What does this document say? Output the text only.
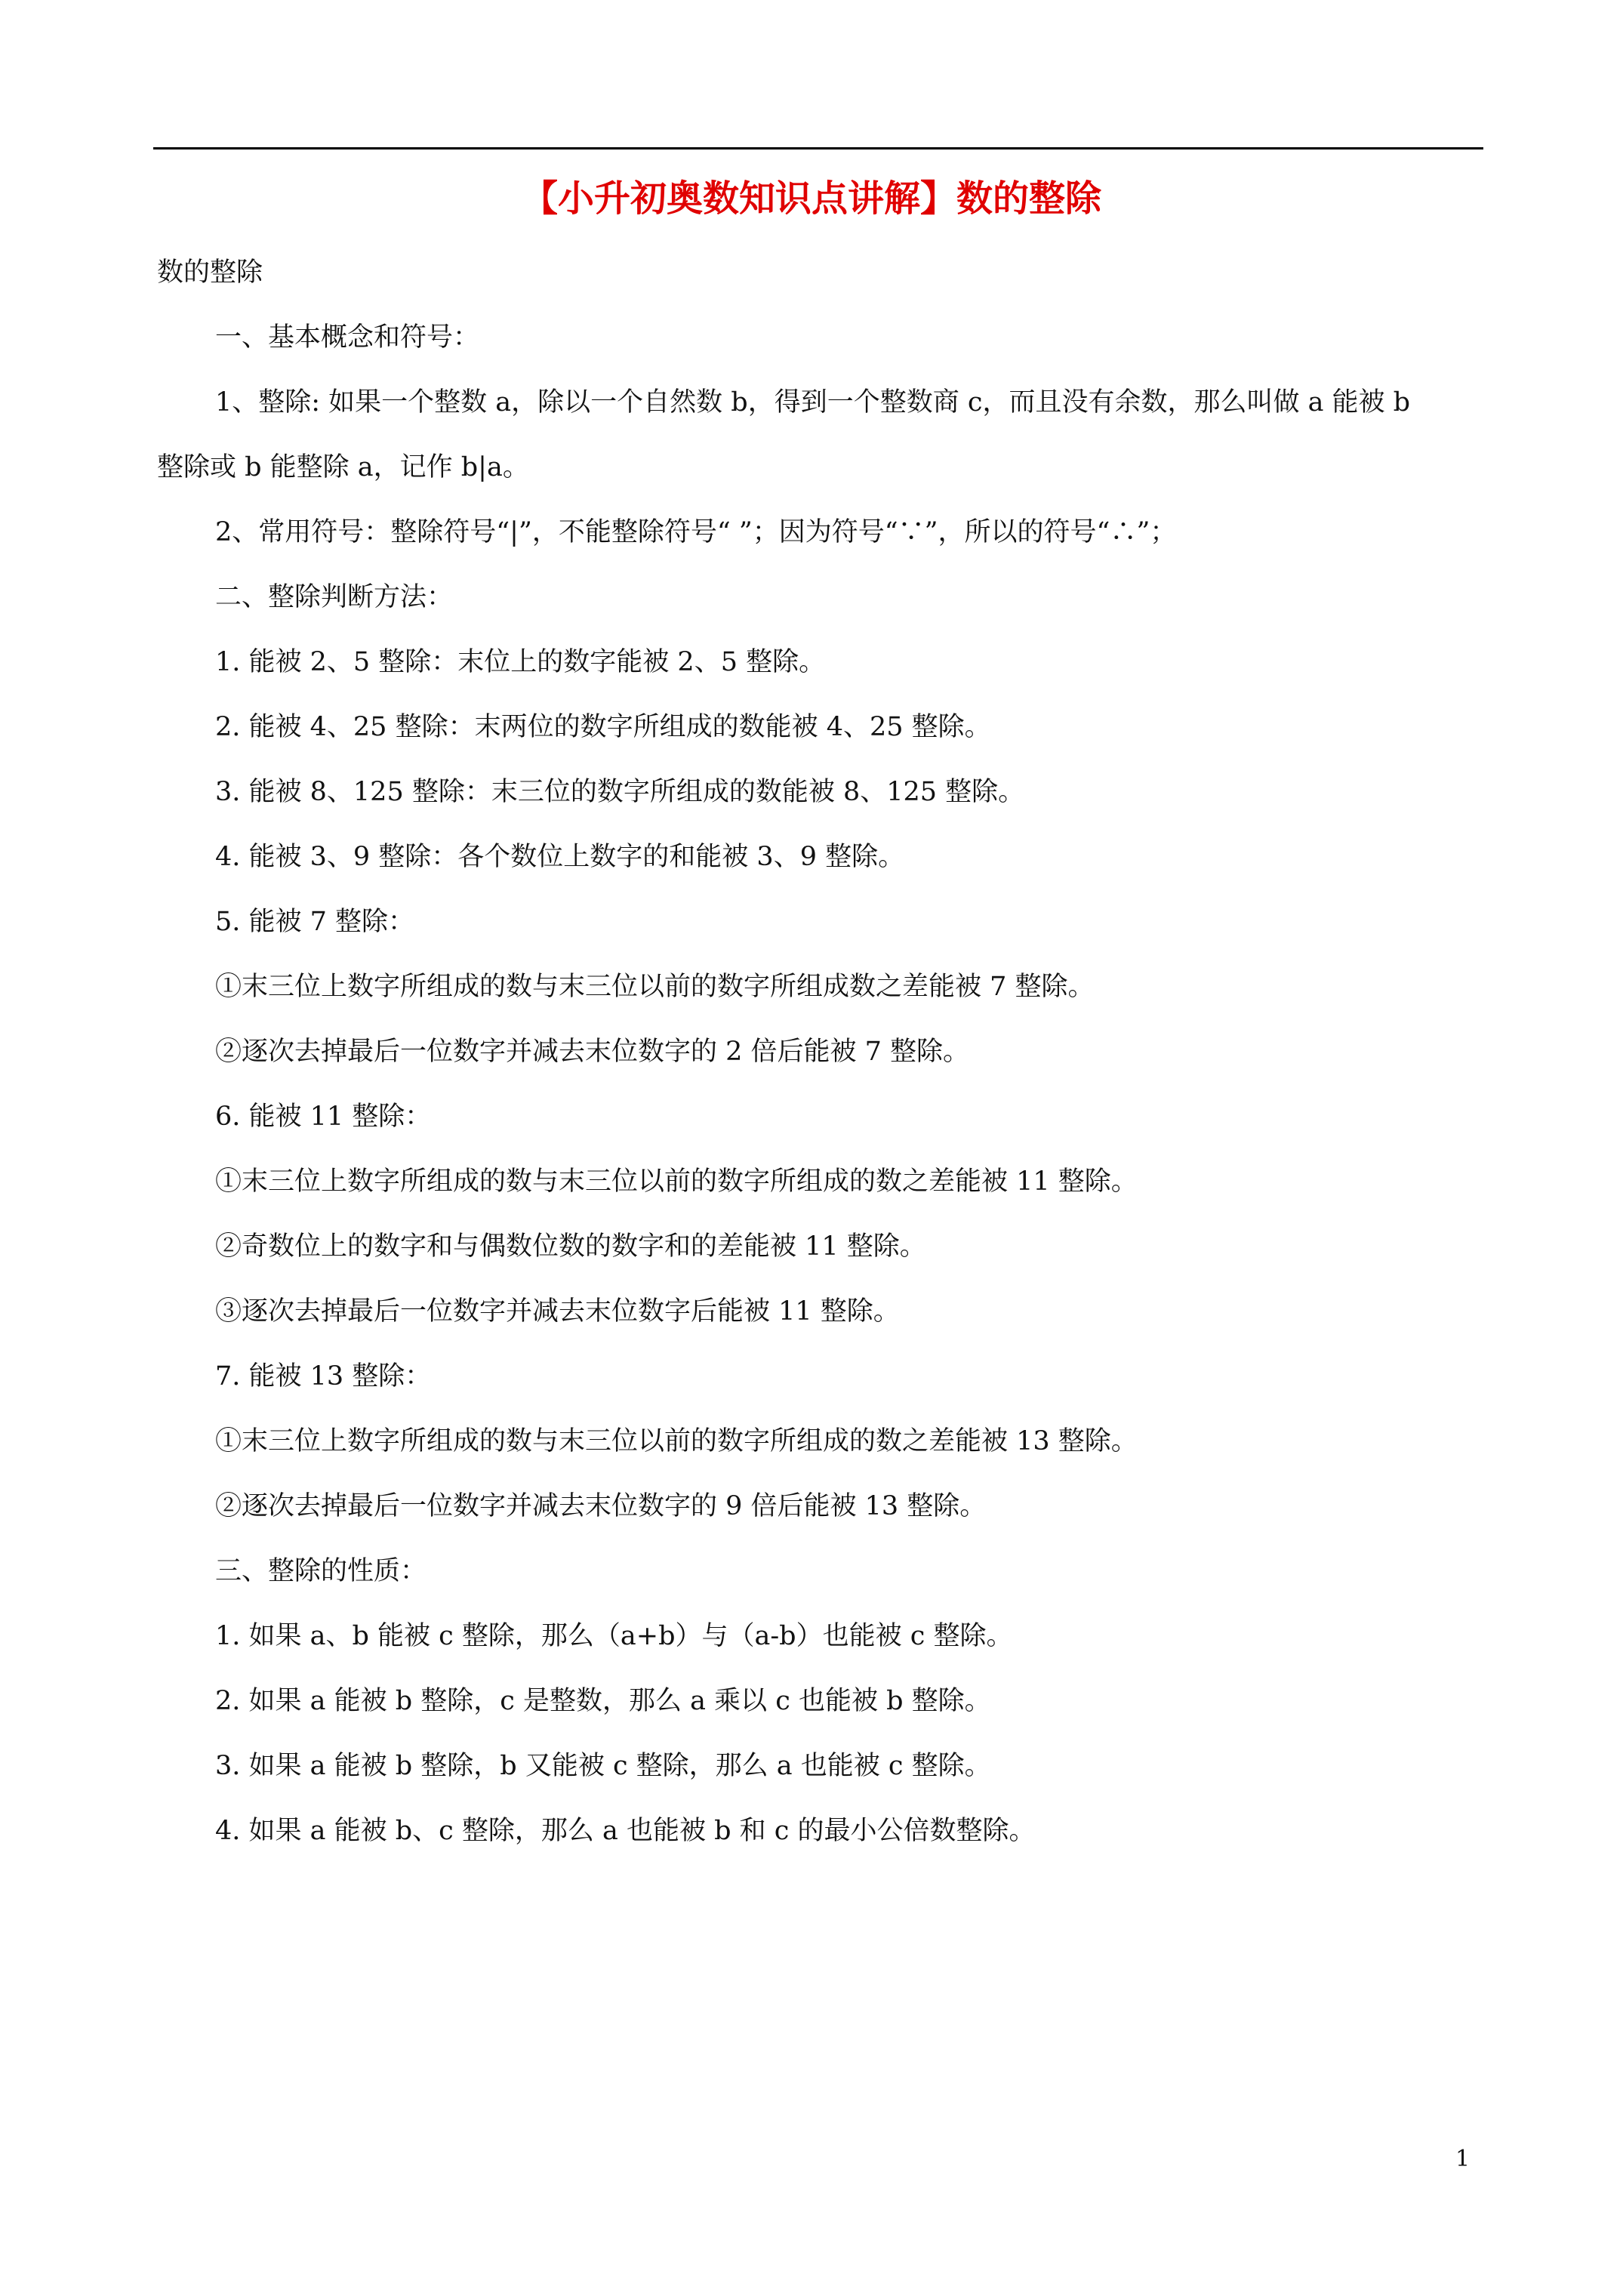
【小升初奥数知识点讲解】数的整除
数的整除
一、基本概念和符号：
1、整除: 如果一个整数 a，除以一个自然数 b，得到一个整数商 c，而且没有余数，那么叫做 a 能被 b
整除或 b 能整除 a，记作 b|a。
2、常用符号：整除符号“|”，不能整除符号“ ”；因为符号“∵”，所以的符号“∴”；
二、整除判断方法：
1. 能被 2、5 整除：末位上的数字能被 2、5 整除。
2. 能被 4、25 整除：末两位的数字所组成的数能被 4、25 整除。
3. 能被 8、125 整除：末三位的数字所组成的数能被 8、125 整除。
4. 能被 3、9 整除：各个数位上数字的和能被 3、9 整除。
5. 能被 7 整除：
①末三位上数字所组成的数与末三位以前的数字所组成数之差能被 7 整除。
②逐次去掉最后一位数字并减去末位数字的 2 倍后能被 7 整除。
6. 能被 11 整除：
①末三位上数字所组成的数与末三位以前的数字所组成的数之差能被 11 整除。
②奇数位上的数字和与偶数位数的数字和的差能被 11 整除。
③逐次去掉最后一位数字并减去末位数字后能被 11 整除。
7. 能被 13 整除：
①末三位上数字所组成的数与末三位以前的数字所组成的数之差能被 13 整除。
②逐次去掉最后一位数字并减去末位数字的 9 倍后能被 13 整除。
三、整除的性质：
1. 如果 a、b 能被 c 整除，那么（a+b）与（a-b）也能被 c 整除。
2. 如果 a 能被 b 整除，c 是整数，那么 a 乘以 c 也能被 b 整除。
3. 如果 a 能被 b 整除，b 又能被 c 整除，那么 a 也能被 c 整除。
4. 如果 a 能被 b、c 整除，那么 a 也能被 b 和 c 的最小公倍数整除。
1
